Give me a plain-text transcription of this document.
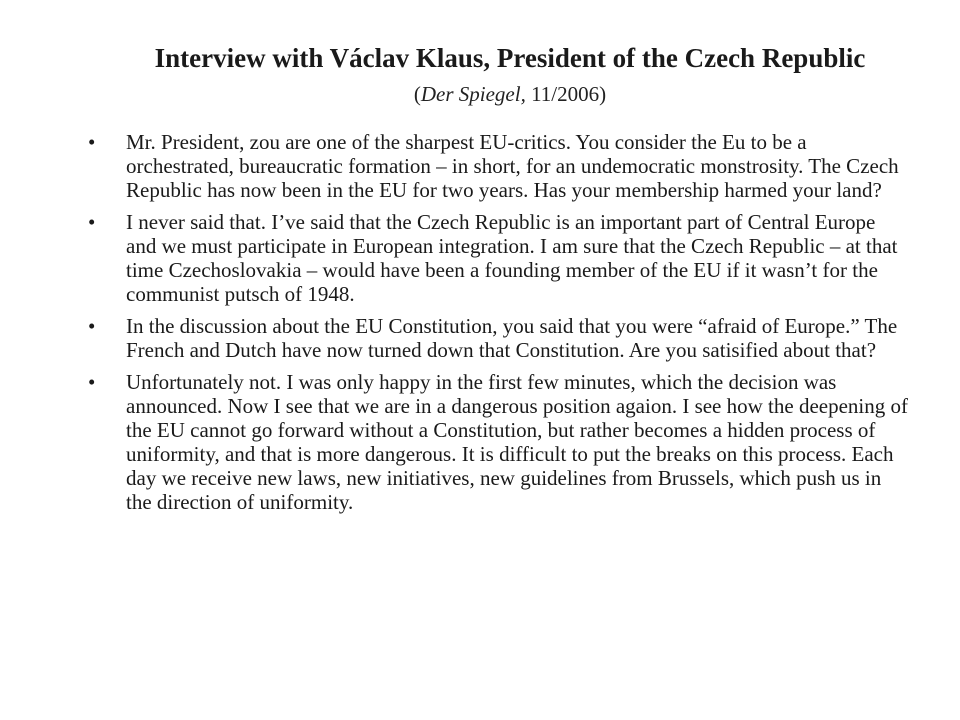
Interview with Václav Klaus, President of the Czech Republic
(Der Spiegel, 11/2006)
• Mr. President, zou are one of the sharpest EU-critics. You consider the Eu to be a orchestrated, bureaucratic formation – in short, for an undemocratic monstrosity. The Czech Republic has now been in the EU for two years. Has your membership harmed your land?
• I never said that. I’ve said that the Czech Republic is an important part of Central Europe and we must participate in European integration. I am sure that the Czech Republic – at that time Czechoslovakia – would have been a founding member of the EU if it wasn’t for the communist putsch of 1948.
• In the discussion about the EU Constitution, you said that you were “afraid of Europe.” The French and Dutch have now turned down that Constitution. Are you satisified about that?
• Unfortunately not. I was only happy in the first few minutes, which the decision was announced. Now I see that we are in a dangerous position agaion. I see how the deepening of the EU cannot go forward without a Constitution, but rather becomes a hidden process of uniformity, and that is more dangerous. It is difficult to put the breaks on this process. Each day we receive new laws, new initiatives, new guidelines from Brussels, which push us in the direction of uniformity.
